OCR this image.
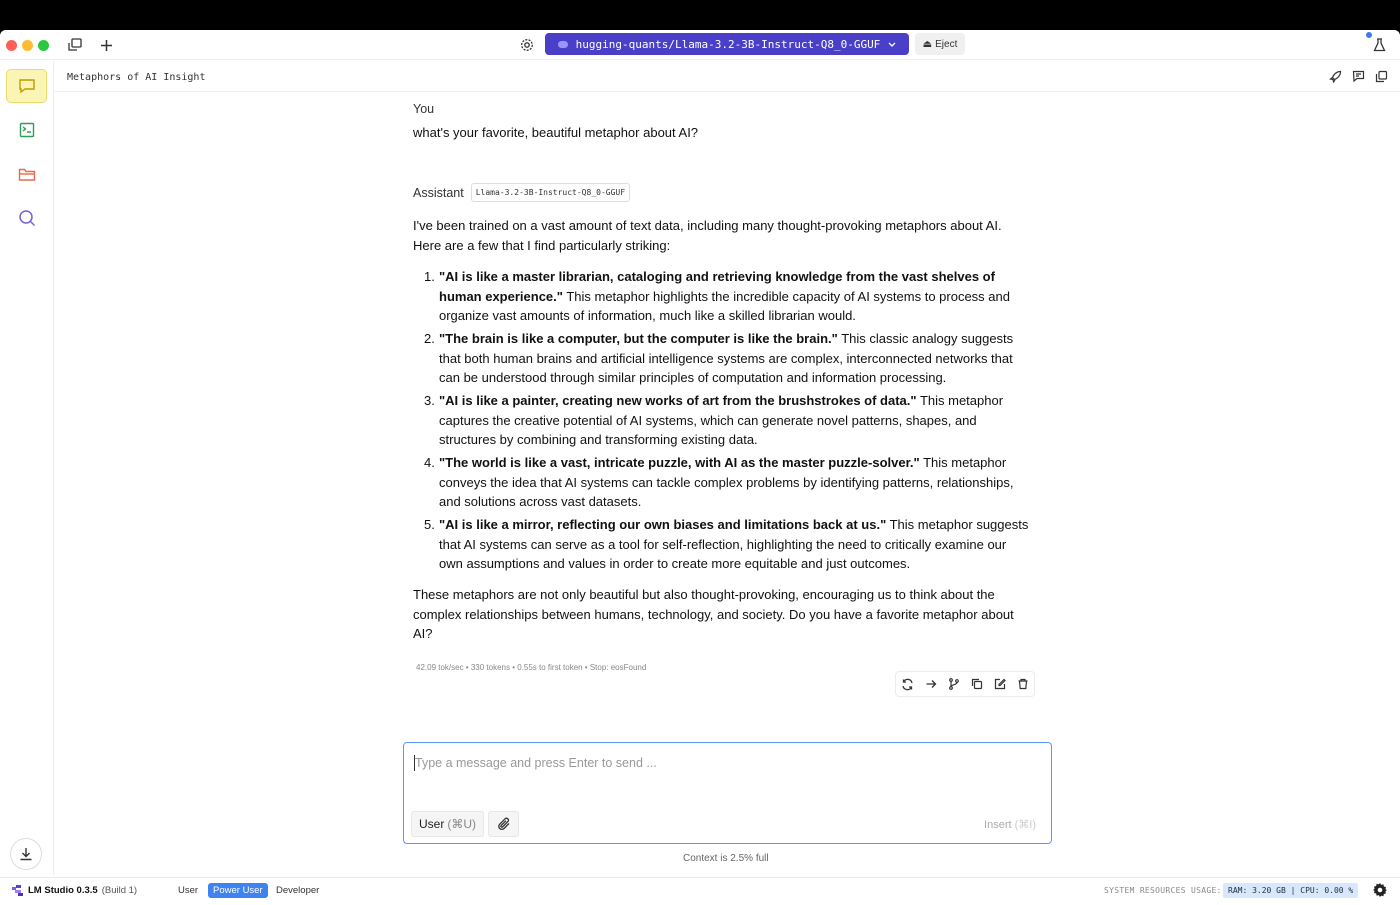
hugging-quants/Llama-3.2-3B-Instruct-Q8_0-GGUF	⏏ Eject
Metaphors of AI Insight
You
what's your favorite, beautiful metaphor about AI?
Assistant	Llama-3.2-3B-Instruct-Q8_0-GGUF
I've been trained on a vast amount of text data, including many thought-provoking metaphors about AI. Here are a few that I find particularly striking:
1. "AI is like a master librarian, cataloging and retrieving knowledge from the vast shelves of human experience." This metaphor highlights the incredible capacity of AI systems to process and organize vast amounts of information, much like a skilled librarian would.
2. "The brain is like a computer, but the computer is like the brain." This classic analogy suggests that both human brains and artificial intelligence systems are complex, interconnected networks that can be understood through similar principles of computation and information processing.
3. "AI is like a painter, creating new works of art from the brushstrokes of data." This metaphor captures the creative potential of AI systems, which can generate novel patterns, shapes, and structures by combining and transforming existing data.
4. "The world is like a vast, intricate puzzle, with AI as the master puzzle-solver." This metaphor conveys the idea that AI systems can tackle complex problems by identifying patterns, relationships, and solutions across vast datasets.
5. "AI is like a mirror, reflecting our own biases and limitations back at us." This metaphor suggests that AI systems can serve as a tool for self-reflection, highlighting the need to critically examine our own assumptions and values in order to create more equitable and just outcomes.
These metaphors are not only beautiful but also thought-provoking, encouraging us to think about the complex relationships between humans, technology, and society. Do you have a favorite metaphor about AI?
42.09 tok/sec • 330 tokens • 0.55s to first token • Stop: eosFound
Type a message and press Enter to send ...
User (⌘U)	Insert (⌘I)
Context is 2.5% full
LM Studio 0.3.5 (Build 1)	User	Power User	Developer	SYSTEM RESOURCES USAGE: RAM: 3.20 GB | CPU: 0.00 %
